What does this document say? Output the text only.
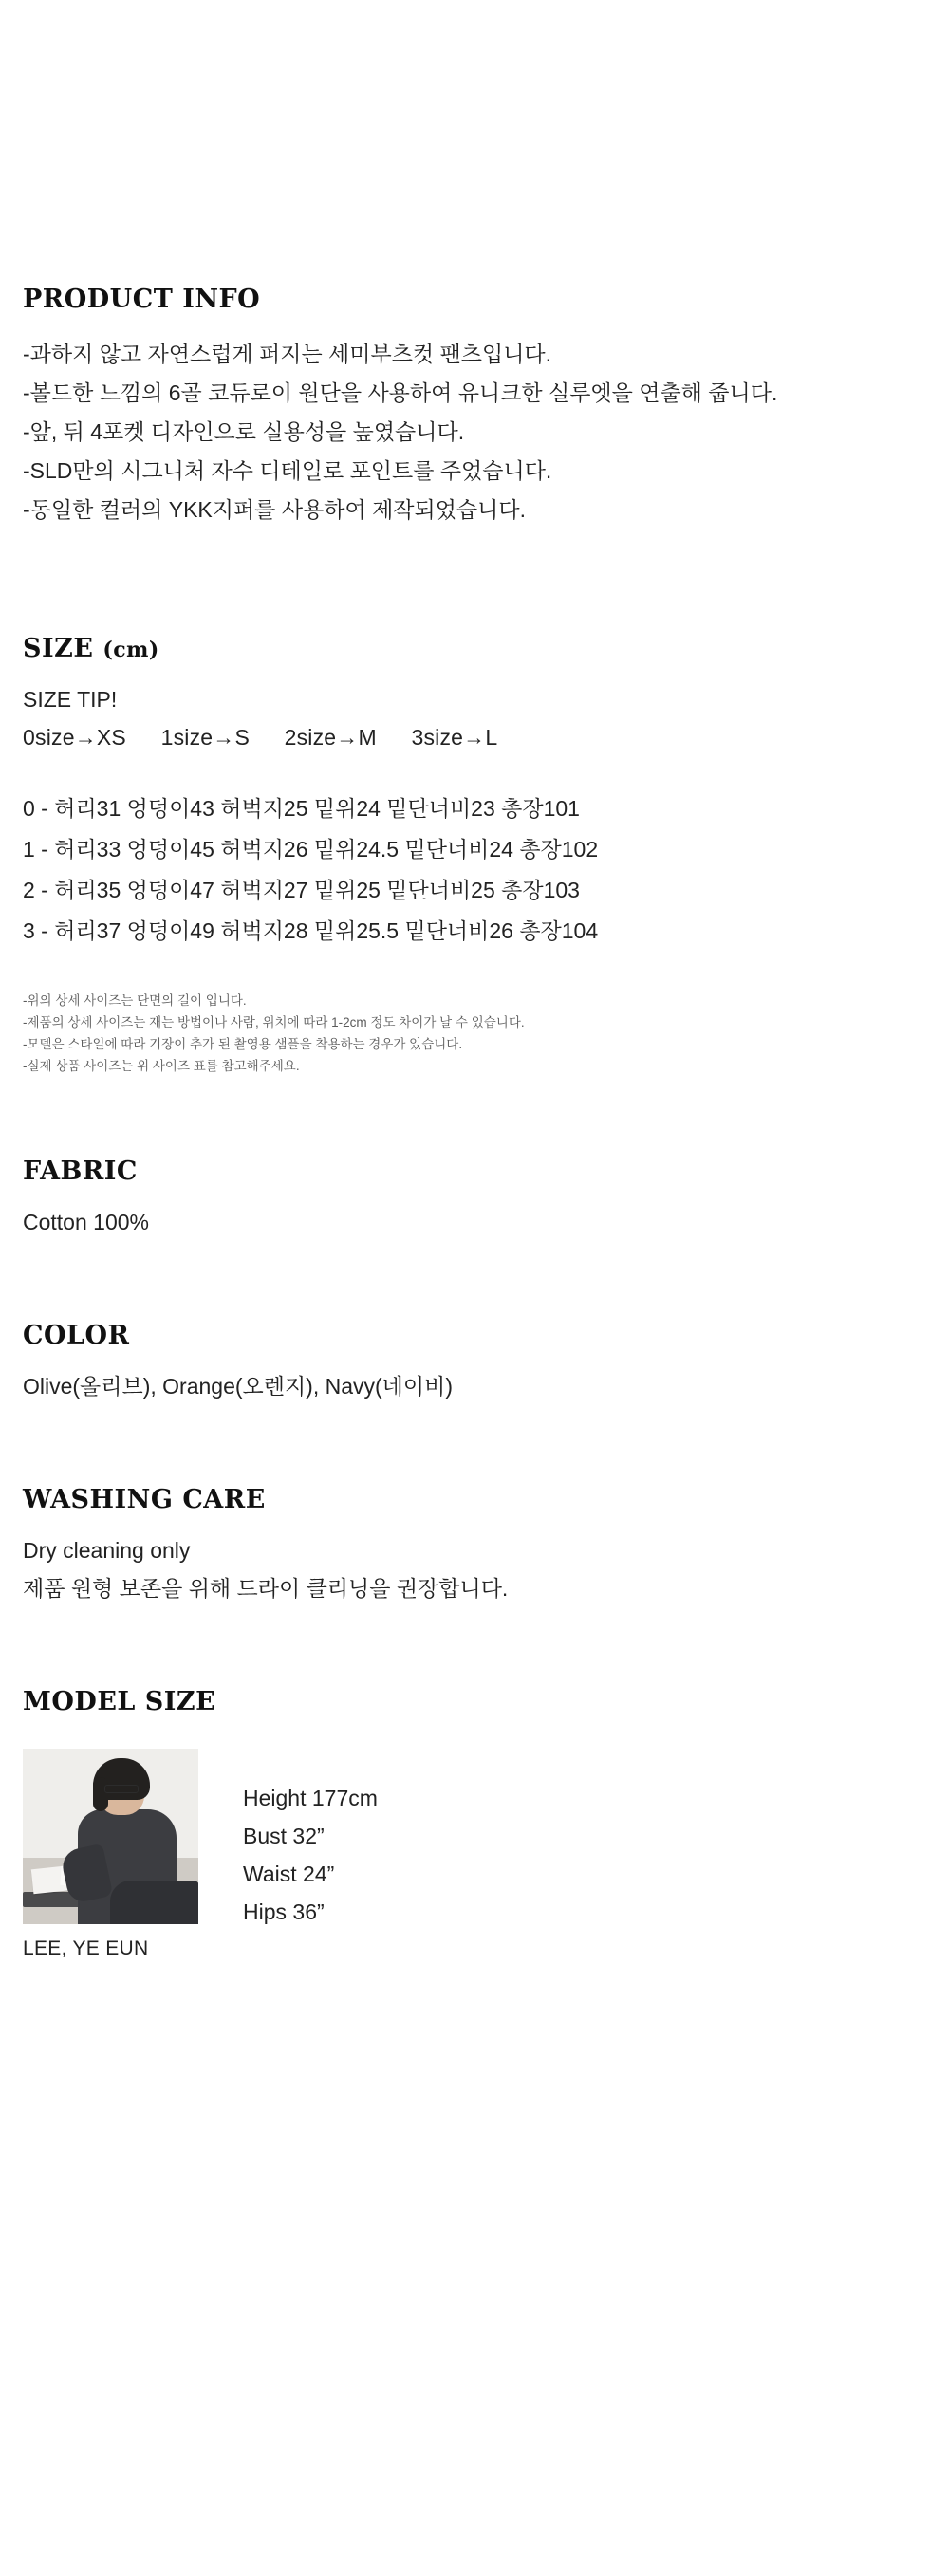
PRODUCT INFO
-과하지 않고 자연스럽게 퍼지는 세미부츠컷 팬츠입니다.
-볼드한 느낌의 6골 코듀로이 원단을 사용하여 유니크한 실루엣을 연출해 줍니다.
-앞, 뒤 4포켓 디자인으로 실용성을 높였습니다.
-SLD만의 시그니처 자수 디테일로 포인트를 주었습니다.
-동일한 컬러의 YKK지퍼를 사용하여 제작되었습니다.
SIZE (cm)
SIZE TIP!
0size→XS 1size→S 2size→M 3size→L
0 - 허리31 엉덩이43 허벅지25 밑위24 밑단너비23 총장101
1 - 허리33 엉덩이45 허벅지26 밑위24.5 밑단너비24 총장102
2 - 허리35 엉덩이47 허벅지27 밑위25 밑단너비25 총장103
3 - 허리37 엉덩이49 허벅지28 밑위25.5 밑단너비26 총장104
-위의 상세 사이즈는 단면의 길이 입니다.
-제품의 상세 사이즈는 재는 방법이나 사람, 위치에 따라 1-2cm 정도 차이가 날 수 있습니다.
-모델은 스타일에 따라 기장이 추가 된 촬영용 샘플을 착용하는 경우가 있습니다.
-실제 상품 사이즈는 위 사이즈 표를 참고해주세요.
FABRIC
Cotton 100%
COLOR
Olive(올리브), Orange(오렌지), Navy(네이비)
WASHING CARE
Dry cleaning only
제품 원형 보존을 위해 드라이 클리닝을 권장합니다.
MODEL SIZE
LEE, YE EUN
Height 177cm
Bust 32”
Waist 24”
Hips 36”
